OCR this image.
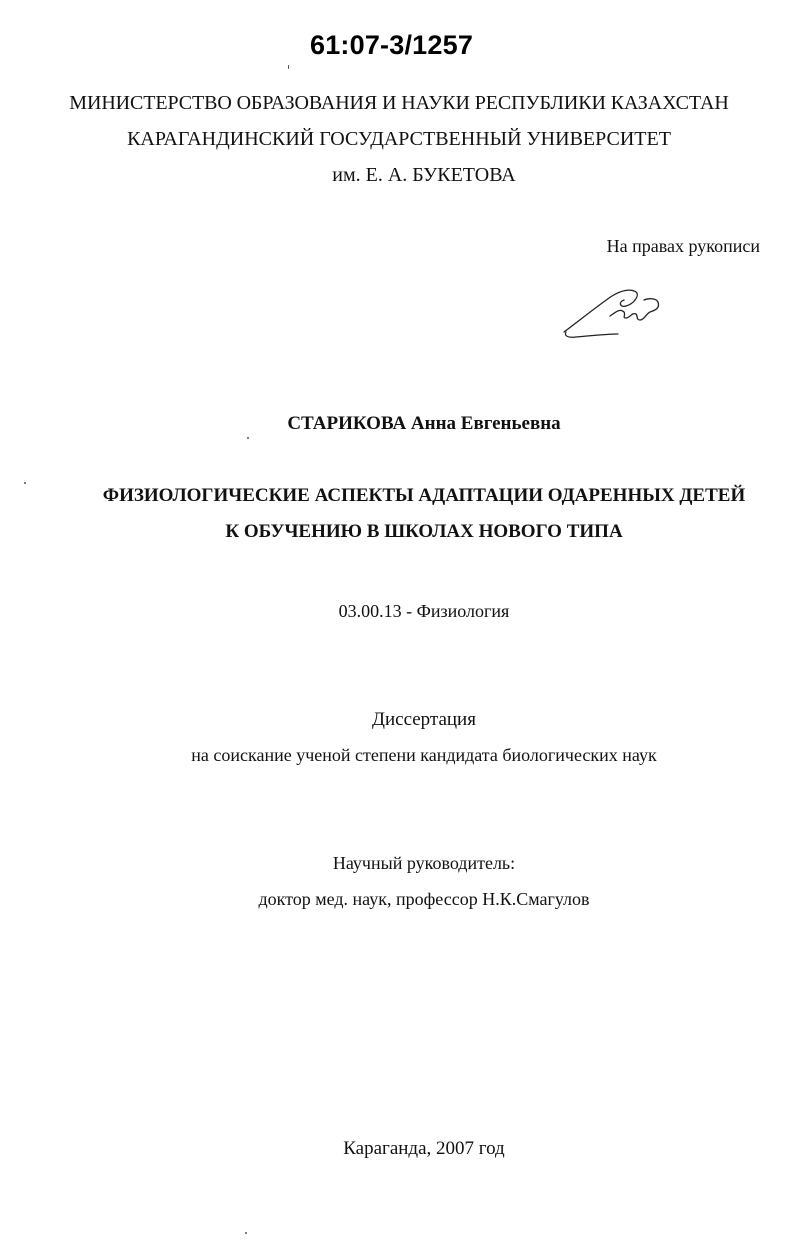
61:07-3/1257
МИНИСТЕРСТВО ОБРАЗОВАНИЯ И НАУКИ РЕСПУБЛИКИ КАЗАХСТАН
КАРАГАНДИНСКИЙ ГОСУДАРСТВЕННЫЙ УНИВЕРСИТЕТ
им. Е. А. БУКЕТОВА
На правах рукописи
СТАРИКОВА Анна Евгеньевна
ФИЗИОЛОГИЧЕСКИЕ АСПЕКТЫ АДАПТАЦИИ ОДАРЕННЫХ ДЕТЕЙ
К ОБУЧЕНИЮ В ШКОЛАХ НОВОГО ТИПА
03.00.13 - Физиология
Диссертация
на соискание ученой степени кандидата биологических наук
Научный руководитель:
доктор мед. наук, профессор Н.К.Смагулов
Караганда, 2007 год
